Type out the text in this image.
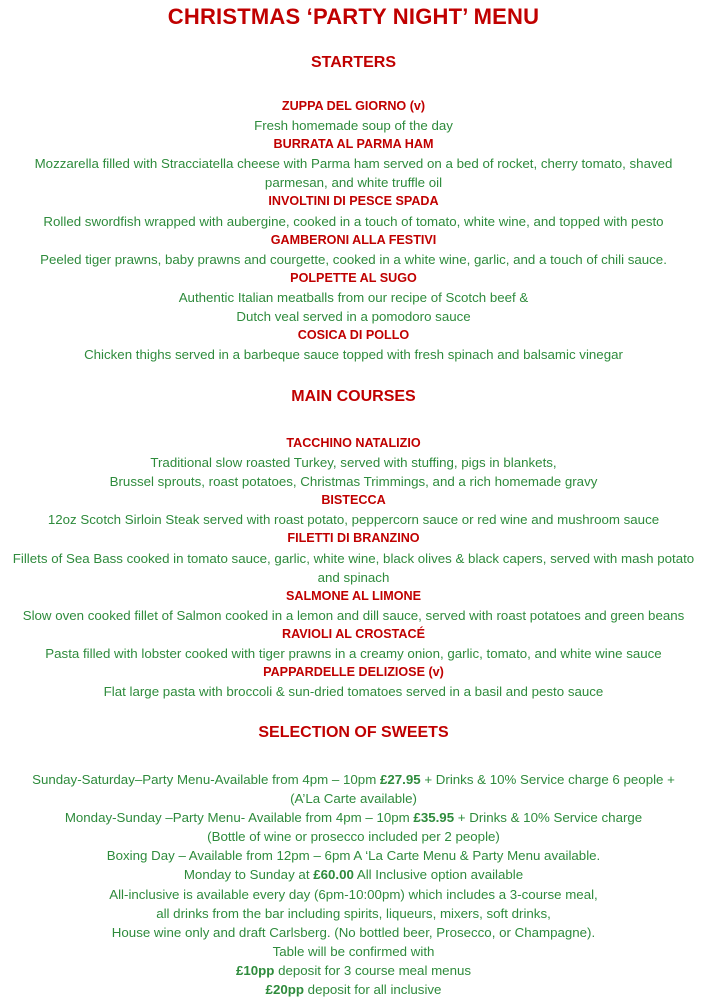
CHRISTMAS ‘PARTY NIGHT’ MENU
STARTERS
ZUPPA DEL GIORNO (v)
Fresh homemade soup of the day
BURRATA AL PARMA HAM
Mozzarella filled with Stracciatella cheese with Parma ham served on a bed of rocket, cherry tomato, shaved
parmesan, and white truffle oil
INVOLTINI DI PESCE SPADA
Rolled swordfish wrapped with aubergine, cooked in a touch of tomato, white wine, and topped with pesto
GAMBERONI ALLA FESTIVI
Peeled tiger prawns, baby prawns and courgette, cooked in a white wine, garlic, and a touch of chili sauce.
POLPETTE AL SUGO
Authentic Italian meatballs from our recipe of Scotch beef &
Dutch veal served in a pomodoro sauce
COSICA DI POLLO
Chicken thighs served in a barbeque sauce topped with fresh spinach and balsamic vinegar
MAIN COURSES
TACCHINO NATALIZIO
Traditional slow roasted Turkey, served with stuffing, pigs in blankets,
Brussel sprouts, roast potatoes, Christmas Trimmings, and a rich homemade gravy
BISTECCA
12oz Scotch Sirloin Steak served with roast potato, peppercorn sauce or red wine and mushroom sauce
FILETTI DI BRANZINO
Fillets of Sea Bass cooked in tomato sauce, garlic, white wine, black olives & black capers, served with mash potato
and spinach
SALMONE AL LIMONE
Slow oven cooked fillet of Salmon cooked in a lemon and dill sauce, served with roast potatoes and green beans
RAVIOLI AL CROSTACÉ
Pasta filled with lobster cooked with tiger prawns in a creamy onion, garlic, tomato, and white wine sauce
PAPPARDELLE DELIZIOSE (v)
Flat large pasta with broccoli & sun-dried tomatoes served in a basil and pesto sauce
SELECTION OF SWEETS
Sunday-Saturday–Party Menu-Available from 4pm – 10pm £27.95 + Drinks & 10% Service charge 6 people +
(A’La Carte available)
Monday-Sunday –Party Menu- Available from 4pm – 10pm £35.95 + Drinks & 10% Service charge
(Bottle of wine or prosecco included per 2 people)
Boxing Day – Available from 12pm – 6pm A ‘La Carte Menu & Party Menu available.
Monday to Sunday at £60.00 All Inclusive option available
All-inclusive is available every day (6pm-10:00pm) which includes a 3-course meal,
all drinks from the bar including spirits, liqueurs, mixers, soft drinks,
House wine only and draft Carlsberg. (No bottled beer, Prosecco, or Champagne).
Table will be confirmed with
£10pp deposit for 3 course meal menus
£20pp deposit for all inclusive
